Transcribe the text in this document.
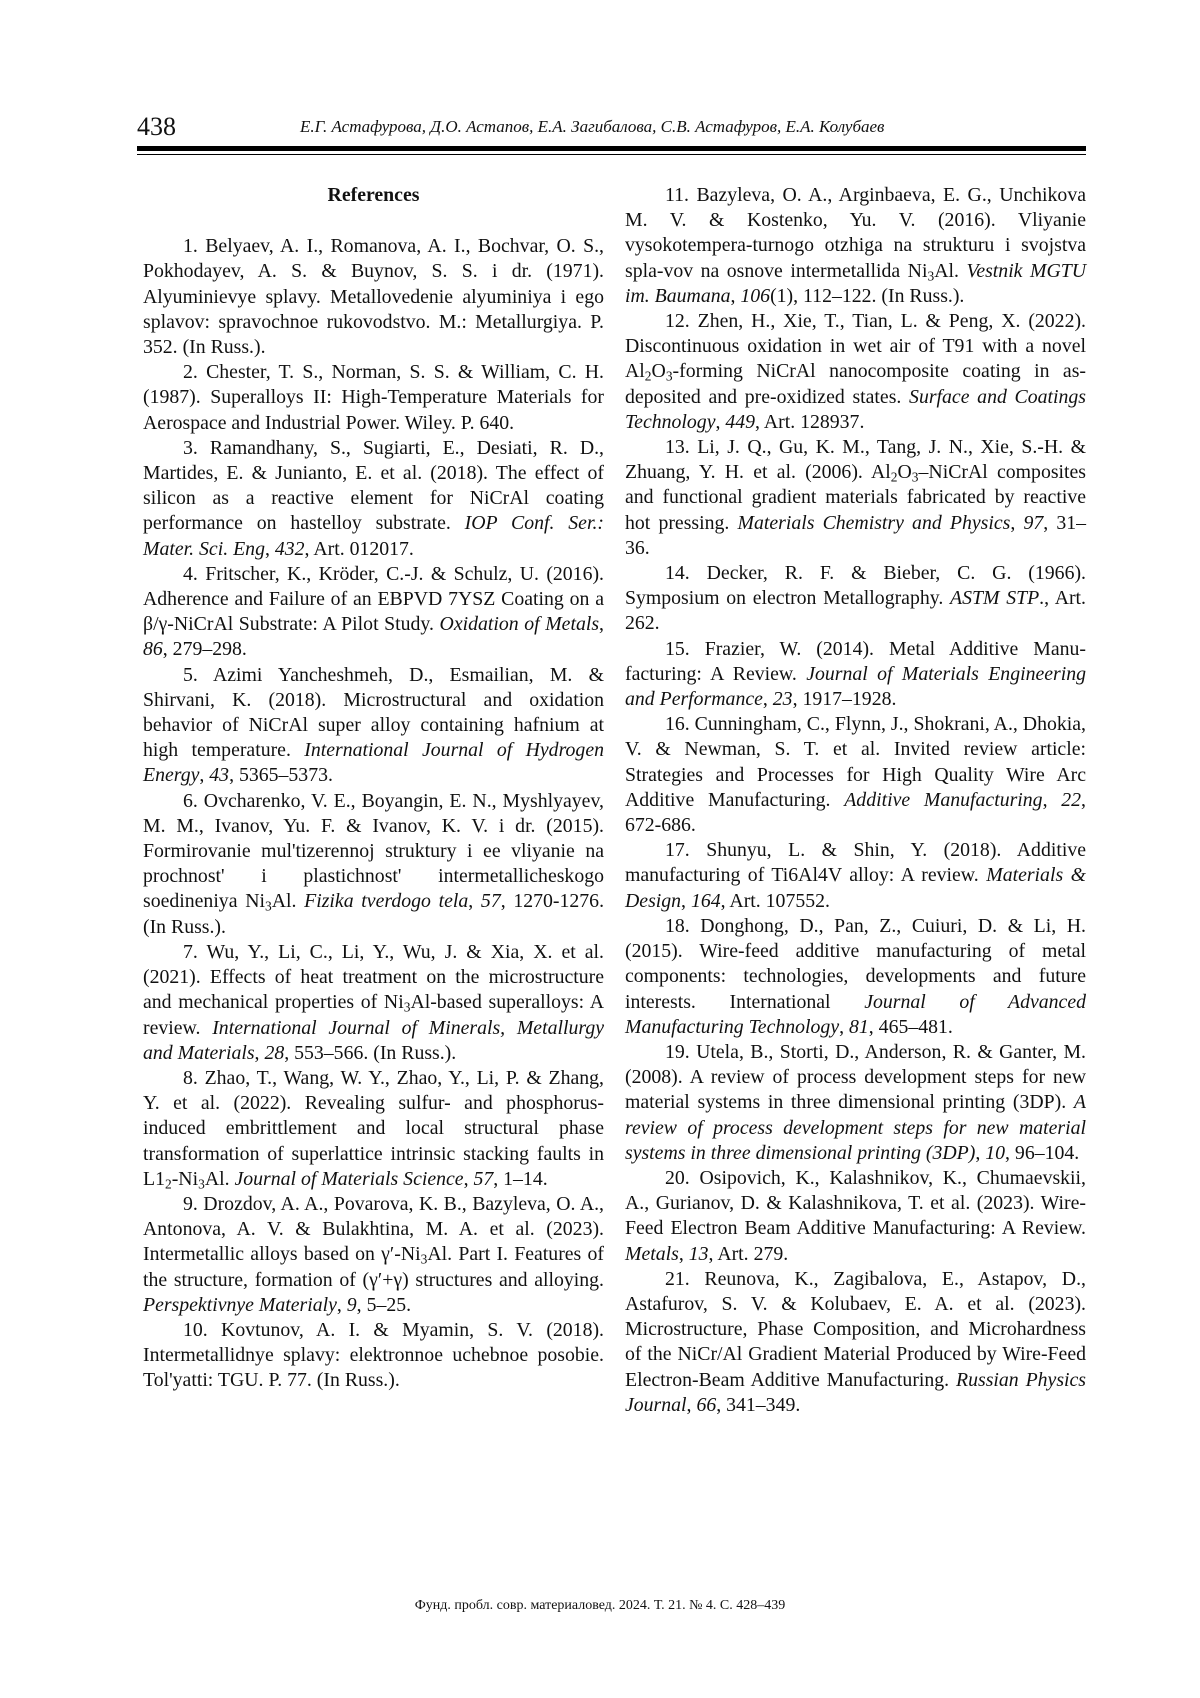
438	Е.Г. Астафурова, Д.О. Астапов, Е.А. Загибалова, С.В. Астафуров, Е.А. Колубаев

References

1. Belyaev, A. I., Romanova, A. I., Bochvar, O. S., Pokhodayev, A. S. & Buynov, S. S. i dr. (1971). Alyuminievye splavy. Metallovedenie alyuminiya i ego splavov: spravochnoe rukovodstvo. M.: Metallurgiya. P. 352. (In Russ.).

2. Chester, T. S., Norman, S. S. & William, C. H. (1987). Superalloys II: High-Temperature Materials for Aerospace and Industrial Power. Wiley. P. 640.

3. Ramandhany, S., Sugiarti, E., Desiati, R. D., Martides, E. & Junianto, E. et al. (2018). The effect of silicon as a reactive element for NiCrAl coating performance on hastelloy substrate. IOP Conf. Ser.: Mater. Sci. Eng, 432, Art. 012017.

4. Fritscher, K., Kröder, C.-J. & Schulz, U. (2016). Adherence and Failure of an EBPVD 7YSZ Coating on a β/γ-NiCrAl Substrate: A Pilot Study. Oxidation of Metals, 86, 279–298.

5. Azimi Yancheshmeh, D., Esmailian, M. & Shirvani, K. (2018). Microstructural and oxidation behavior of NiCrAl super alloy containing hafnium at high temperature. International Journal of Hydrogen Energy, 43, 5365–5373.

6. Ovcharenko, V. E., Boyangin, E. N., Myshlyayev, M. M., Ivanov, Yu. F. & Ivanov, K. V. i dr. (2015). Formirovanie mul'tizerennoj struktury i ee vliyanie na prochnost' i plastichnost' intermetallicheskogo soedineniya $Ni_3Al$. Fizika tverdogo tela, 57, 1270-1276. (In Russ.).

7. Wu, Y., Li, C., Li, Y., Wu, J. & Xia, X. et al. (2021). Effects of heat treatment on the microstructure and mechanical properties of $Ni_3Al$-based superalloys: A review. International Journal of Minerals, Metallurgy and Materials, 28, 553–566. (In Russ.).

8. Zhao, T., Wang, W. Y., Zhao, Y., Li, P. & Zhang, Y. et al. (2022). Revealing sulfur- and phosphorus-induced embrittlement and local structural phase transformation of superlattice intrinsic stacking faults in $L1_2-Ni_3Al$. Journal of Materials Science, 57, 1–14.

9. Drozdov, A. A., Povarova, K. B., Bazyleva, O. A., Antonova, A. V. & Bulakhtina, M. A. et al. (2023). Intermetallic alloys based on $\gamma'-Ni_3Al$. Part I. Features of the structure, formation of (γ′+γ) structures and alloying. Perspektivnye Materialy, 9, 5–25.

10. Kovtunov, A. I. & Myamin, S. V. (2018). Intermetallidnye splavy: elektronnoe uchebnoe posobie. Tol'yatti: TGU. P. 77. (In Russ.).

11. Bazyleva, O. A., Arginbaeva, E. G., Unchikova M. V. & Kostenko, Yu. V. (2016). Vliyanie vysokotempera-turnogo otzhiga na strukturu i svojstva spla-vov na osnove intermetallida $Ni_3Al$. Vestnik MGTU im. Baumana, 106(1), 112–122. (In Russ.).

12. Zhen, H., Xie, T., Tian, L. & Peng, X. (2022). Discontinuous oxidation in wet air of T91 with a novel $Al_2O_3$-forming NiCrAl nanocomposite coating in as-deposited and pre-oxidized states. Surface and Coatings Technology, 449, Art. 128937.

13. Li, J. Q., Gu, K. M., Tang, J. N., Xie, S.-H. & Zhuang, Y. H. et al. (2006). $Al_2O_3$–NiCrAl composites and functional gradient materials fabricated by reactive hot pressing. Materials Chemistry and Physics, 97, 31–36.

14. Decker, R. F. & Bieber, C. G. (1966). Symposium on electron Metallography. ASTM STP., Art. 262.

15. Frazier, W. (2014). Metal Additive Manufacturing: A Review. Journal of Materials Engineering and Performance, 23, 1917–1928.

16. Cunningham, C., Flynn, J., Shokrani, A., Dhokia, V. & Newman, S. T. et al. Invited review article: Strategies and Processes for High Quality Wire Arc Additive Manufacturing. Additive Manufacturing, 22, 672-686.

17. Shunyu, L. & Shin, Y. (2018). Additive manufacturing of Ti6Al4V alloy: A review. Materials & Design, 164, Art. 107552.

18. Donghong, D., Pan, Z., Cuiuri, D. & Li, H. (2015). Wire-feed additive manufacturing of metal components: technologies, developments and future interests. International Journal of Advanced Manufacturing Technology, 81, 465–481.

19. Utela, B., Storti, D., Anderson, R. & Ganter, M. (2008). A review of process development steps for new material systems in three dimensional printing (3DP). A review of process development steps for new material systems in three dimensional printing (3DP), 10, 96–104.

20. Osipovich, K., Kalashnikov, K., Chumaevskii, A., Gurianov, D. & Kalashnikova, T. et al. (2023). Wire-Feed Electron Beam Additive Manufacturing: A Review. Metals, 13, Art. 279.

21. Reunova, K., Zagibalova, E., Astapov, D., Astafurov, S. V. & Kolubaev, E. A. et al. (2023). Microstructure, Phase Composition, and Microhardness of the NiCr/Al Gradient Material Produced by Wire-Feed Electron-Beam Additive Manufacturing. Russian Physics Journal, 66, 341–349.

Фунд. пробл. совр. материаловед. 2024. Т. 21. № 4. С. 428–439
